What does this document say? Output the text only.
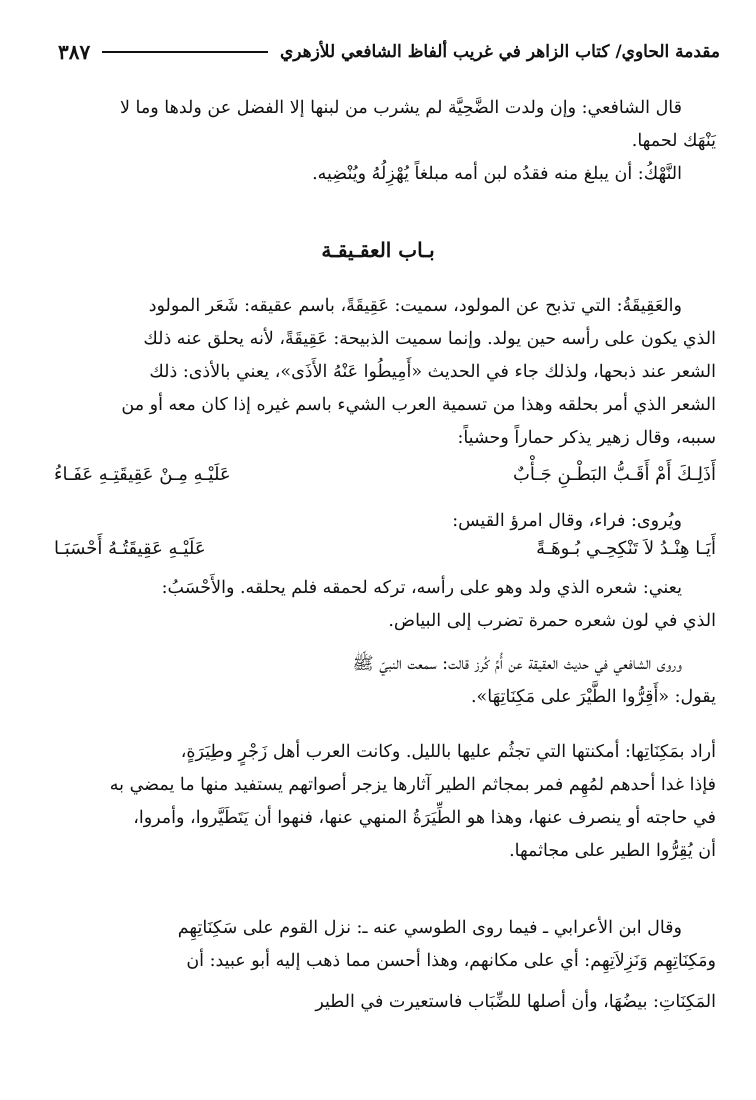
مقدمة الحاوي/ كتاب الزاهر في غريب ألفاظ الشافعي للأزهري
٣٨٧
قال الشافعي: وإن ولدت الضَّحِيَّة لم يشرب من لبنها إلا الفضل عن ولدها وما لا
يَنْهَك لحمها.
النَّهْكُ: أن يبلغ منه فقدُه لبن أمه مبلغاً يُهْزِلُهُ ويُنْضِيه.
بـاب العقـيقـة
والعَقِيقَةُ: التي تذبح عن المولود، سميت: عَقِيقَةً، باسم عقيقه: شَعَر المولود
الذي يكون على رأسه حين يولد. وإنما سميت الذبيحة: عَقِيقَةً، لأنه يحلق عنه ذلك
الشعر عند ذبحها، ولذلك جاء في الحديث «أَمِيطُوا عَنْهُ الأَذَى»، يعني بالأذى: ذلك
الشعر الذي أمر بحلقه وهذا من تسمية العرب الشيء باسم غيره إذا كان معه أو من
سببه، وقال زهير يذكر حماراً وحشياً:
أَذَلِـكَ أَمْ أَقَـبُّ البَطْـنِ جَـأْبٌ
عَلَيْـهِ مِـنْ عَقِيقَتِـهِ عَفَـاءُ
ويُروى: فراء، وقال امرؤ القيس:
أَيَـا هِنْـدُ لاَ تَنْكِحِـي بُـوهَـةً
عَلَيْـهِ عَقِيقَتُـهُ أَحْسَبَـا
يعني: شعره الذي ولد وهو على رأسه، تركه لحمقه فلم يحلقه. والأَحْسَبُ:
الذي في لون شعره حمرة تضرب إلى البياض.
وروى الشافعي في حديث العقيقة عن أُمِّ كُرز قالت: سمعت النبيّ ﷺ
يقول: «أَقِرُّوا الطَّيْرَ على مَكِنَاتِهَا».
أراد بمَكِنَاتِها: أمكنتها التي تجثُم عليها بالليل. وكانت العرب أهل زَجْرٍ وطِيَرَةٍ،
فإذا غدا أحدهم لمُهِم فمر بمجاثم الطير آثارها يزجر أصواتهم يستفيد منها ما يمضي به
في حاجته أو ينصرف عنها، وهذا هو الطِّيَرَةُ المنهي عنها، فنهوا أن يَتَطَيَّروا، وأمروا،
أن يُقِرُّوا الطير على مجاثمها.
وقال ابن الأعرابي ـ فيما روى الطوسي عنه ـ: نزل القوم على سَكِنَاتِهِم
ومَكِنَاتِهِم وَنَزِلاَتِهِم: أي على مكانهم، وهذا أحسن مما ذهب إليه أبو عبيد: أن
المَكِنَاتِ: بيضُهَا، وأن أصلها للضِّبَاب فاستعيرت في الطير
